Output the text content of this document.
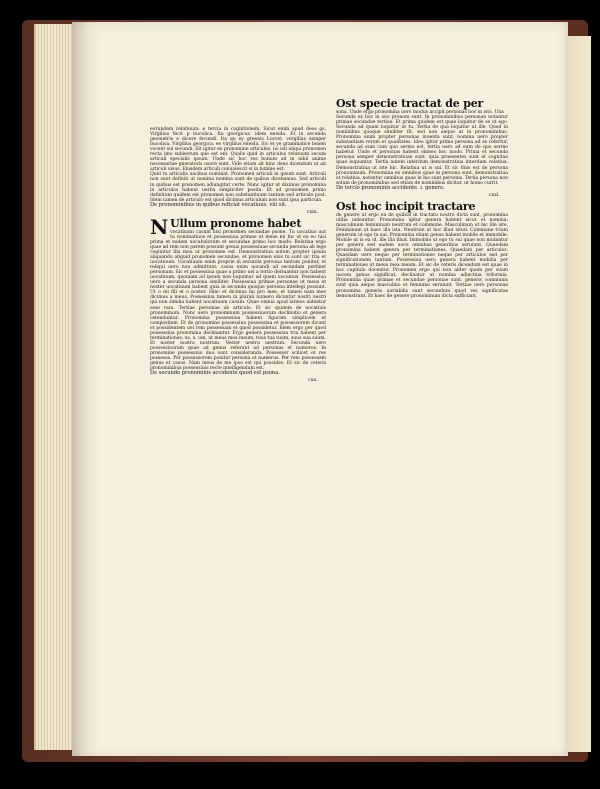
eorundem relatiuum: e tercia in cognitionem. Sicut enim apud deos gs. Virgilius fecit p bucolica. Ita georgicus. idem eneida. Et in secundo geometrie e dicere fecundi. Ita qu ey greenis Lucret. vergilius semper bucolica. Virgilius georgica. eo virgilius eneida. Sic et ye grammatice lenem vocent sui secundi. Sit igitur ex pronomine articulus. no isti aliqui pronomen recta imo subiectum que est enl. Qualis quid in articulus relatuum secum articuli specialis ipsum. Unde sic hoc res bonum ad in nibil anime necessariae gneratoris uxore sunt. Vide etiam ait hinc deus dicendum ut ait articuli uisus. Eiusdem articuli conualescit si in lumine est.

Quid tu articulis uocibus nominat. Pronomen articuli in ipsum sunt. Articuli non sunt definiti ut nomina nomina sunt de quibus dicebamus. Sed articuli in quibus est pronomen adiungitur certe. Nunc igitur ut diximus pronomina in articulos habent uerba simpliciter posita. Et ad pronomen primo definitum quidem est pronomen non substantiuum tantum sed articulo post. Idem tamen de articulo est quod dicimus articulum non sunt ipsa particula.

De pronominibus in quibus reficiat vocatiuus. viii sit.

cxix.
N Ullum pronome habet

vocatiuum casum nisi pronomen secundae psone. Tu uocatiuo aut tu nominatiuus et possessiua primae ut meus mi hic ut ex eo nisi prima et eadem uocabulorum et secundae primo hoc modo. Relatiua ergo quae ad rem non parem possunt genus possessiuae secunda persona ab lege coguntur illa mea ut pronomen est. Demonstratiua autem propter ipsum aliquando aliquid pronomen secundae, et pronomen eius tu sunt sic tria et uocatiuum. Uocatiuum enim proprie in secunda persona tantum ponitur, et reliqui uero non admittunt; casus enim uocandi ad secundam pertinet personam. Sic et possessiua quae a primo uel a tertio deriuantur non habent uocatiuum, quoniam ad ipsum non loquimur ad quem uocamus. Possessiua uero a secunda persona similiter. Possessiua primae personae ut meus et noster uocatiuum habent quia in secunda quoque persona intellegi possunt. Ut o mi fili et o noster. Hinc et dicimus mi pro mee, et tamen nam mee dicimus a meus. Possessiua tamen in plurali numero dicuntur nostri uestri qui non similia habent uocatiuum casum. Quae omnia apud latinos uidentur esse rara. Tertiae personae ab articulo. Et sic quidem de uocatiuis pronominum. Nunc uero pronominum possessiuorum declinatio et genera ostenduntur. Pronomina possessiua habent figuram simplicem et compositam. Et de pronomine possessiuo possessiua et possessorem dicunt et possidentem uel rem possessam et quod possidetur. Idem ergo per quod possessiua pronomina declinantur. Ergo genera possessiua tria habent per terminationes, us, a, um, ut meus mea meum, tuus tua tuum, suus sua suum. Et noster nostra nostrum. Vester uestra uestrum. Secunda uero possessiuorum quae ad genus referunt ad personas et numeros. In pronomine possessiuo duo sunt consideranda. Possessor scilicet et res possessa. Per possessorem ponitur persona et numerus. Per rem possessam genus et casus. Nam meus de me ipso est qui possideo. Et sic de ceteris pronominibus possessiuis recte intelligendum est.

De secundo pronominis accidente quod est psona.

cxx.
Ost specie tractat de per

sona. Unde ergo pronomina uero modus accipit personas hoc in isto. Una

Secunda ex hoc in suo pronom sunt. In pronominibus personae notantur primae secundae tertiae. Et prima quidem est quae loquitur de se ut ego. Secunda ad quam loquitur ut tu. Tertia de qua loquitur ut ille. Quod in nominibus quoque similiter fit, sed non aeque ut in pronominibus. Pronomina enim propter personas inuenta sunt, nomina uero propter substantiam rerum et qualitates. Ideo igitur prima persona ad se refertur, secunda ad eum cum quo sermo est, tertia uero ad eum de quo sermo habetur. Unde et personas habent omnes hoc modo. Prima et secunda persona semper demonstratiuae sunt, quia praesentes sunt et cognitae quae loquuntur. Tertia autem interdum demonstratiua interdum relatiua. Demonstratiua ut iste hic. Relatiua ut is sui. Et sic finis est de persona pronominum. Pronomina ex omnibus quae in persona sunt, demonstratiua et relatiua, notentur omnibus quae in his sunt personis. Tertia persona non solum de pronominibus sed etiam de nominibus dicitur, ut homo currit.

De tercio pronominis accidente. i. genere.

cxxi.
Ost hoc incipit tractare

de genere ut ergo ea de quibus in tractatu nostro dicta sunt, pronomina utilia uideantur. Pronomina igitur genera habent sicut et nomina: masculinum femininum neutrum et commune. Masculinum ut hic ille iste. Femininum ut haec illa ista. Neutrum ut hoc illud istud. Commune trium generum ut ego tu sui. Pronomina etiam genus habent mobile et immobile. Mobile ut is ea id, ille illa illud. Immobile ut ego tu sui quae non mutantur per genera sed eadem uoce omnibus generibus seruiunt. Quaedam pronomina habent genera per terminationes. Quaedam per articulos. Quaedam uero neque per terminationes neque per articulos sed per significationem tantum. Possessiua uero genera habent mobilia per terminationes ut meus mea meum. Et sic de ceteris dicendum est quae in hoc capitulo docentur. Pronomen ergo qui non aliter quam per suam uocem genus significat, declinatur ut nomina adiectiua triformia. Pronomina quae primae et secundae personae sunt, generis communis sunt quia aeque masculino et feminino seruiunt. Tertiae uero personae pronomina generis uariabilis sunt secundum quod res significatas demonstrant. Et haec de genere pronominum dicta sufficiant.
